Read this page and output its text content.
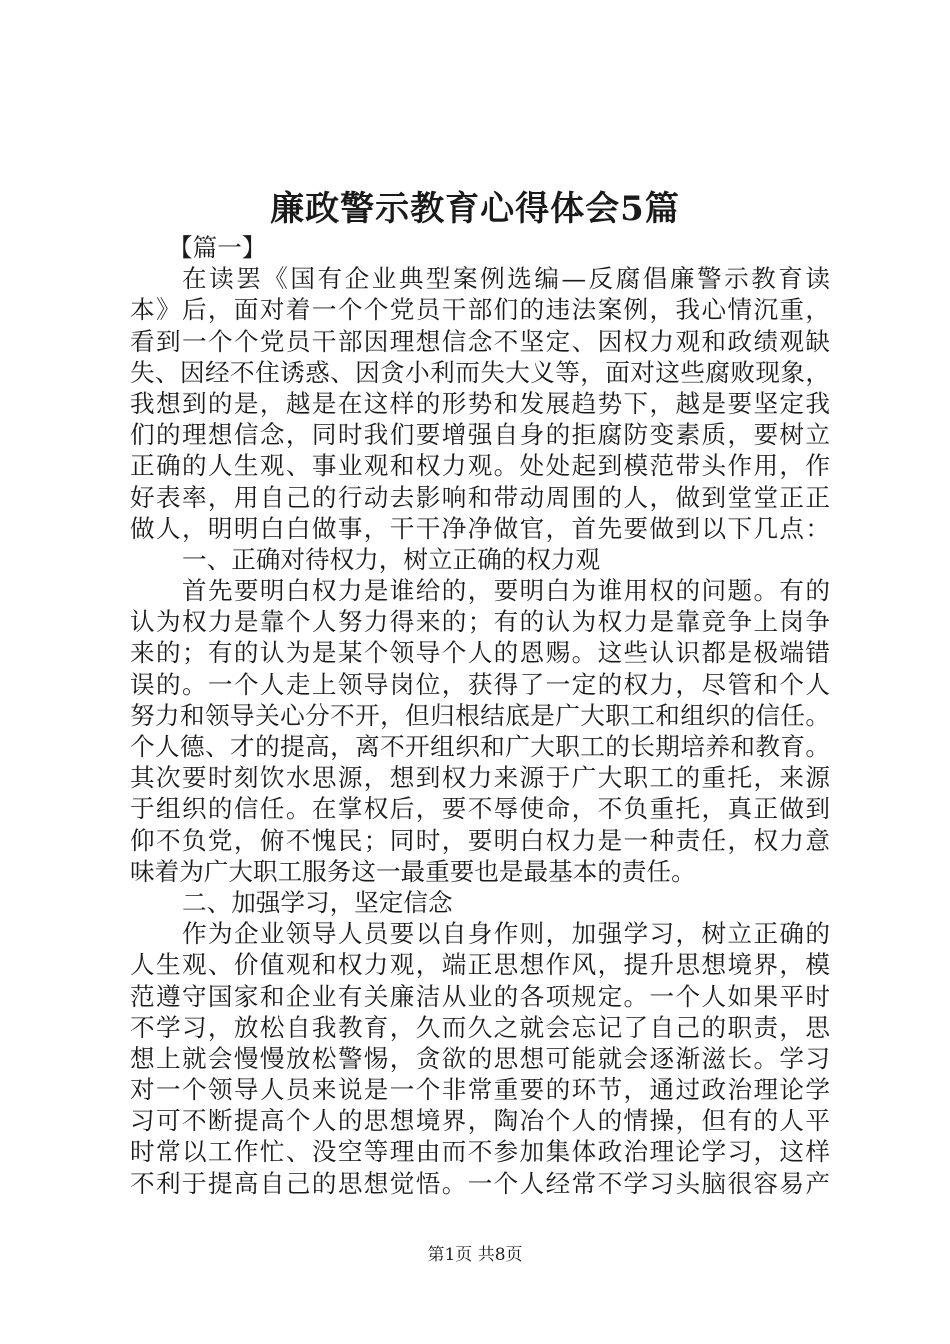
廉政警示教育心得体会5篇
【篇一】
在读罢《国有企业典型案例选编—反腐倡廉警示教育读
本》后，面对着一个个党员干部们的违法案例，我心情沉重，
看到一个个党员干部因理想信念不坚定、因权力观和政绩观缺
失、因经不住诱惑、因贪小利而失大义等，面对这些腐败现象，
我想到的是，越是在这样的形势和发展趋势下，越是要坚定我
们的理想信念，同时我们要增强自身的拒腐防变素质，要树立
正确的人生观、事业观和权力观。处处起到模范带头作用，作
好表率，用自己的行动去影响和带动周围的人，做到堂堂正正
做人，明明白白做事，干干净净做官，首先要做到以下几点：
一、正确对待权力，树立正确的权力观
首先要明白权力是谁给的，要明白为谁用权的问题。有的
认为权力是靠个人努力得来的；有的认为权力是靠竞争上岗争
来的；有的认为是某个领导个人的恩赐。这些认识都是极端错
误的。一个人走上领导岗位，获得了一定的权力，尽管和个人
努力和领导关心分不开，但归根结底是广大职工和组织的信任。
个人德、才的提高，离不开组织和广大职工的长期培养和教育。
其次要时刻饮水思源，想到权力来源于广大职工的重托，来源
于组织的信任。在掌权后，要不辱使命，不负重托，真正做到
仰不负党，俯不愧民；同时，要明白权力是一种责任，权力意
味着为广大职工服务这一最重要也是最基本的责任。
二、加强学习，坚定信念
作为企业领导人员要以自身作则，加强学习，树立正确的
人生观、价值观和权力观，端正思想作风，提升思想境界，模
范遵守国家和企业有关廉洁从业的各项规定。一个人如果平时
不学习，放松自我教育，久而久之就会忘记了自己的职责，思
想上就会慢慢放松警惕，贪欲的思想可能就会逐渐滋长。学习
对一个领导人员来说是一个非常重要的环节，通过政治理论学
习可不断提高个人的思想境界，陶冶个人的情操，但有的人平
时常以工作忙、没空等理由而不参加集体政治理论学习，这样
不利于提高自己的思想觉悟。一个人经常不学习头脑很容易产
第1页 共8页
